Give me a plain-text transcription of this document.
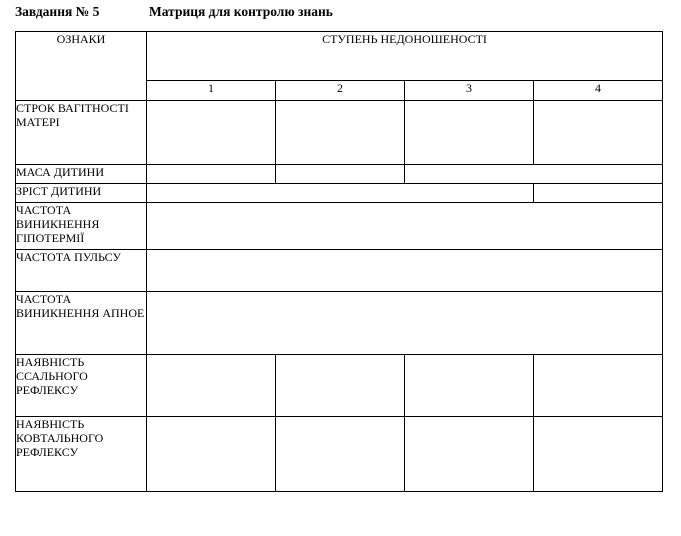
Завдання № 5	Матриця для контролю знань
ОЗНАКИ	СТУПЕНЬ НЕДОНОШЕНОСТІ			
	1	2	3	4
СТРОК ВАГІТНОСТІ МАТЕРІ				
МАСА ДИТИНИ				
ЗРІСТ ДИТИНИ				
ЧАСТОТА ВИНИКНЕННЯ ГІПОТЕРМІЇ				
ЧАСТОТА ПУЛЬСУ				
ЧАСТОТА ВИНИКНЕННЯ АПНОЕ				
НАЯВНІСТЬ ССАЛЬНОГО РЕФЛЕКСУ				
НАЯВНІСТЬ КОВТАЛЬНОГО РЕФЛЕКСУ				
